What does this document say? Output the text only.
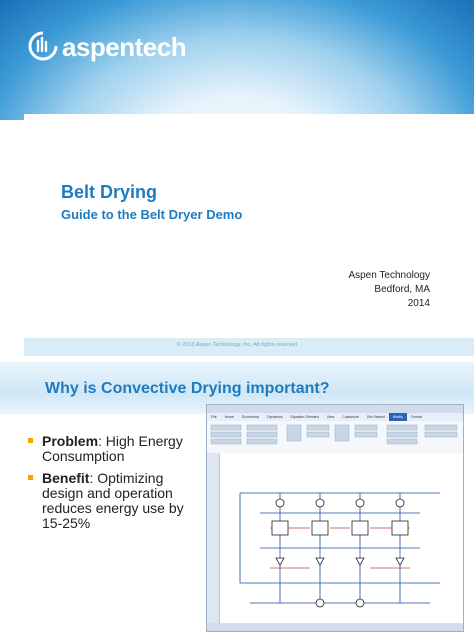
aspentech
Belt Drying
Guide to the Belt Dryer Demo
Aspen Technology
Bedford, MA
2014
© 2013 Aspen Technology, Inc. All rights reserved
Why is Convective Drying important?
Problem: High Energy Consumption
Benefit: Optimizing design and operation reduces energy use by 15-25%
File	Home	Economics	Dynamics	Equation Oriented	View	Customize	Get Started	Modify	Format
